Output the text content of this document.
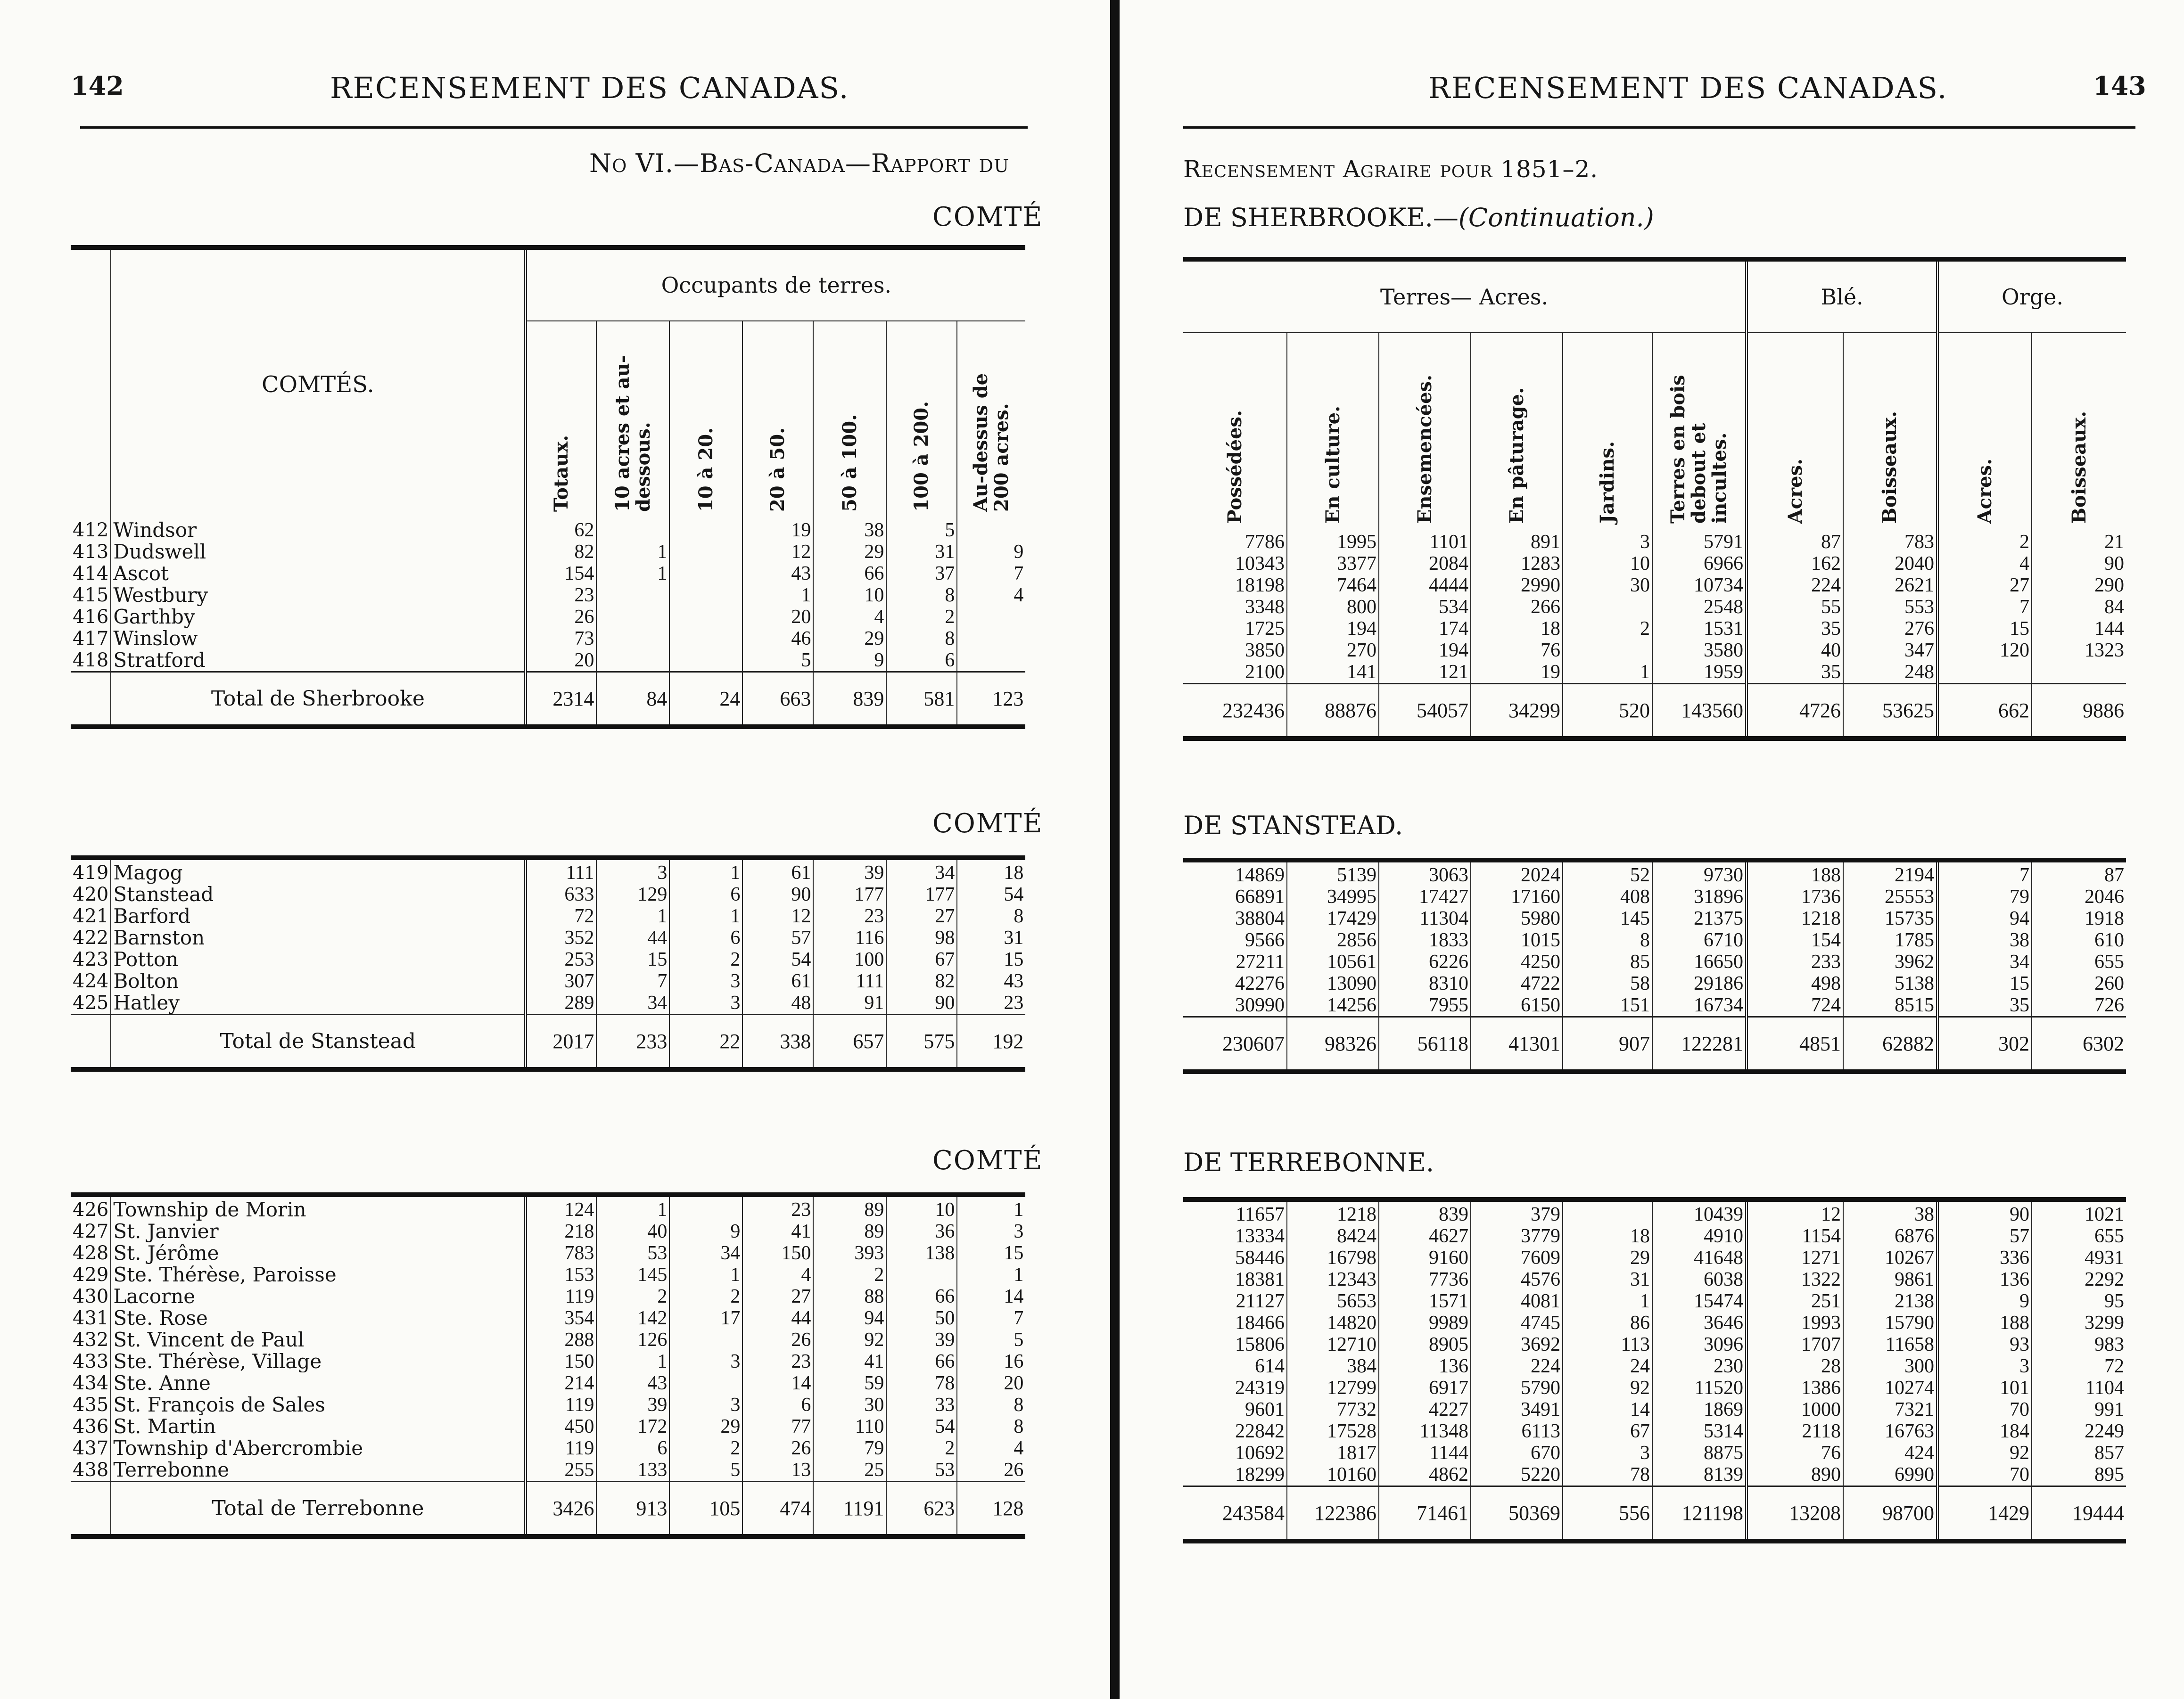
142	RECENSEMENT DES CANADAS.
No VI.—Bas-Canada—Rapport du
COMTÉ
COMTÉ
COMTÉ
	COMTÉS.	Occupants de terres.						

		Totaux.	10 acres et au-dessous.	10 à 20.	20 à 50.	50 à 100.	100 à 200.	Au-dessus de 200 acres.

412	Windsor	62			19	38	5	
413	Dudswell	82	1		12	29	31	9
414	Ascot	154	1		43	66	37	7
415	Westbury	23			1	10	8	4
416	Garthby	26			20	4	2	
417	Winslow	73			46	29	8	
418	Stratford	20			5	9	6	
	Total de Sherbrooke	2314	84	24	663	839	581	123

419	Magog	111	3	1	61	39	34	18
420	Stanstead	633	129	6	90	177	177	54
421	Barford	72	1	1	12	23	27	8
422	Barnston	352	44	6	57	116	98	31
423	Potton	253	15	2	54	100	67	15
424	Bolton	307	7	3	61	111	82	43
425	Hatley	289	34	3	48	91	90	23
	Total de Stanstead	2017	233	22	338	657	575	192

426	Township de Morin	124	1		23	89	10	1
427	St. Janvier	218	40	9	41	89	36	3
428	St. Jérôme	783	53	34	150	393	138	15
429	Ste. Thérèse, Paroisse	153	145	1	4	2		1
430	Lacorne	119	2	2	27	88	66	14
431	Ste. Rose	354	142	17	44	94	50	7
432	St. Vincent de Paul	288	126		26	92	39	5
433	Ste. Thérèse, Village	150	1	3	23	41	66	16
434	Ste. Anne	214	43		14	59	78	20
435	St. François de Sales	119	39	3	6	30	33	8
436	St. Martin	450	172	29	77	110	54	8
437	Township d'Abercrombie	119	6	2	26	79	2	4
438	Terrebonne	255	133	5	13	25	53	26
	Total de Terrebonne	3426	913	105	474	1191	623	128
RECENSEMENT DES CANADAS.	143
Recensement Agraire pour 1851–2.
DE SHERBROOKE.—(Continuation.)
DE STANSTEAD.
DE TERREBONNE.
Terres— Acres.						Blé.		Orge.	

Possédées.	En culture.	Ensemencées.	En pâturage.	Jardins.	Terres en bois debout et incultes.	Acres.	Boisseaux.	Acres.	Boisseaux.

7786	1995	1101	891	3	5791	87	783	2	21
10343	3377	2084	1283	10	6966	162	2040	4	90
18198	7464	4444	2990	30	10734	224	2621	27	290
3348	800	534	266		2548	55	553	7	84
1725	194	174	18	2	1531	35	276	15	144
3850	270	194	76		3580	40	347	120	1323
2100	141	121	19	1	1959	35	248		
232436	88876	54057	34299	520	143560	4726	53625	662	9886

14869	5139	3063	2024	52	9730	188	2194	7	87
66891	34995	17427	17160	408	31896	1736	25553	79	2046
38804	17429	11304	5980	145	21375	1218	15735	94	1918
9566	2856	1833	1015	8	6710	154	1785	38	610
27211	10561	6226	4250	85	16650	233	3962	34	655
42276	13090	8310	4722	58	29186	498	5138	15	260
30990	14256	7955	6150	151	16734	724	8515	35	726
230607	98326	56118	41301	907	122281	4851	62882	302	6302

11657	1218	839	379		10439	12	38	90	1021
13334	8424	4627	3779	18	4910	1154	6876	57	655
58446	16798	9160	7609	29	41648	1271	10267	336	4931
18381	12343	7736	4576	31	6038	1322	9861	136	2292
21127	5653	1571	4081	1	15474	251	2138	9	95
18466	14820	9989	4745	86	3646	1993	15790	188	3299
15806	12710	8905	3692	113	3096	1707	11658	93	983
614	384	136	224	24	230	28	300	3	72
24319	12799	6917	5790	92	11520	1386	10274	101	1104
9601	7732	4227	3491	14	1869	1000	7321	70	991
22842	17528	11348	6113	67	5314	2118	16763	184	2249
10692	1817	1144	670	3	8875	76	424	92	857
18299	10160	4862	5220	78	8139	890	6990	70	895
243584	122386	71461	50369	556	121198	13208	98700	1429	19444
